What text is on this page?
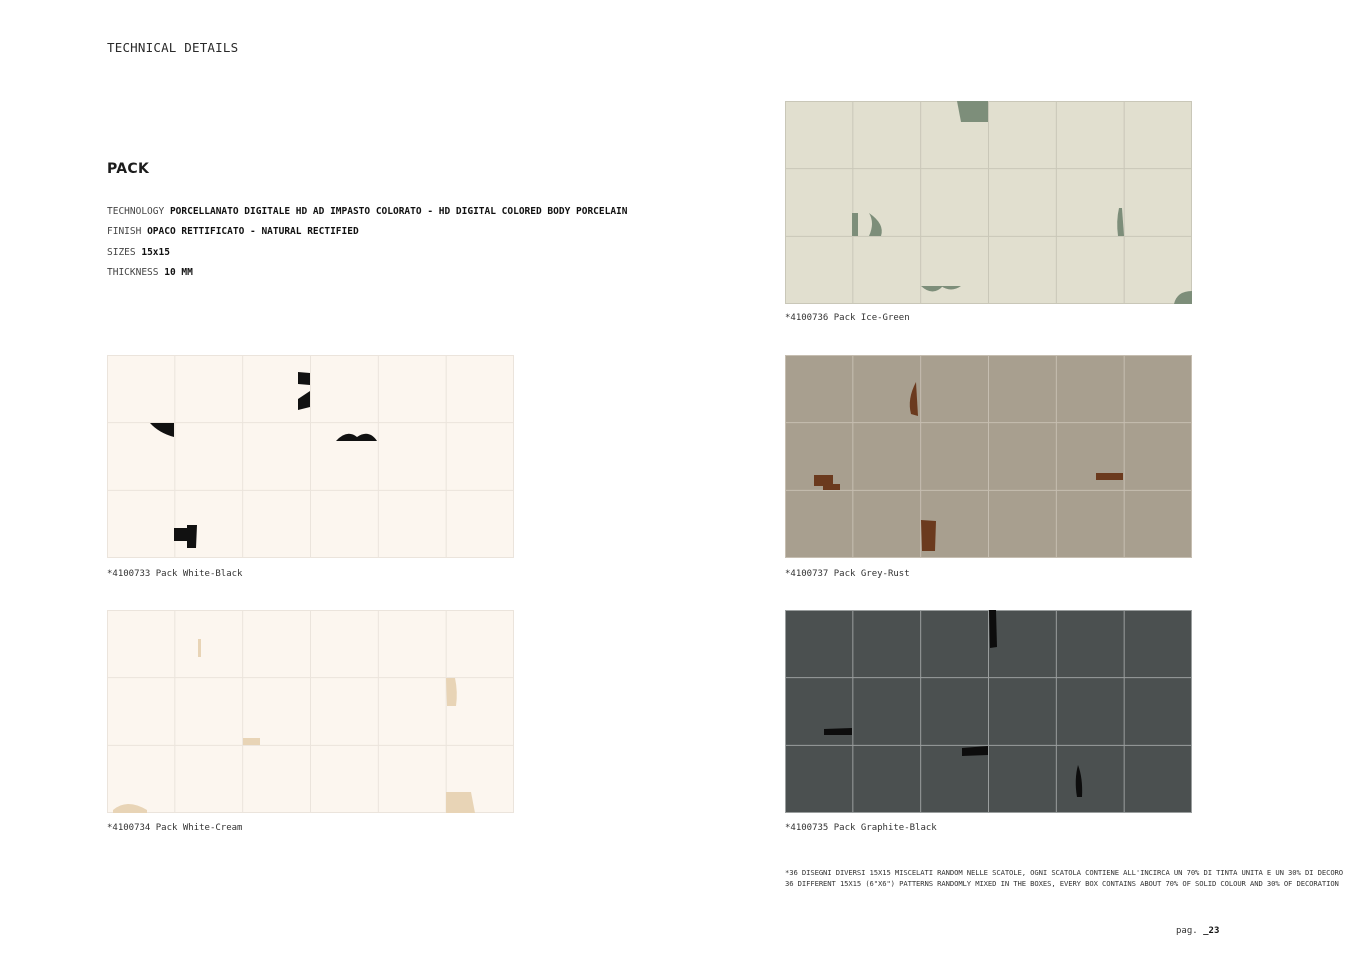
TECHNICAL DETAILS
PACK
TECHNOLOGY PORCELLANATO DIGITALE HD AD IMPASTO COLORATO - HD DIGITAL COLORED BODY PORCELAIN
FINISH OPACO RETTIFICATO - NATURAL RECTIFIED
SIZES 15x15
THICKNESS 10 MM
*4100736 Pack Ice-Green
*4100733 Pack White-Black	*4100737 Pack Grey-Rust
*4100734 Pack White-Cream	*4100735 Pack Graphite-Black
*36 DISEGNI DIVERSI 15X15 MISCELATI RANDOM NELLE SCATOLE, OGNI SCATOLA CONTIENE ALL'INCIRCA UN 70% DI TINTA UNITA E UN 30% DI DECORO
36 DIFFERENT 15X15 (6"X6") PATTERNS RANDOMLY MIXED IN THE BOXES, EVERY BOX CONTAINS ABOUT 70% OF SOLID COLOUR AND 30% OF DECORATION
pag. _23
